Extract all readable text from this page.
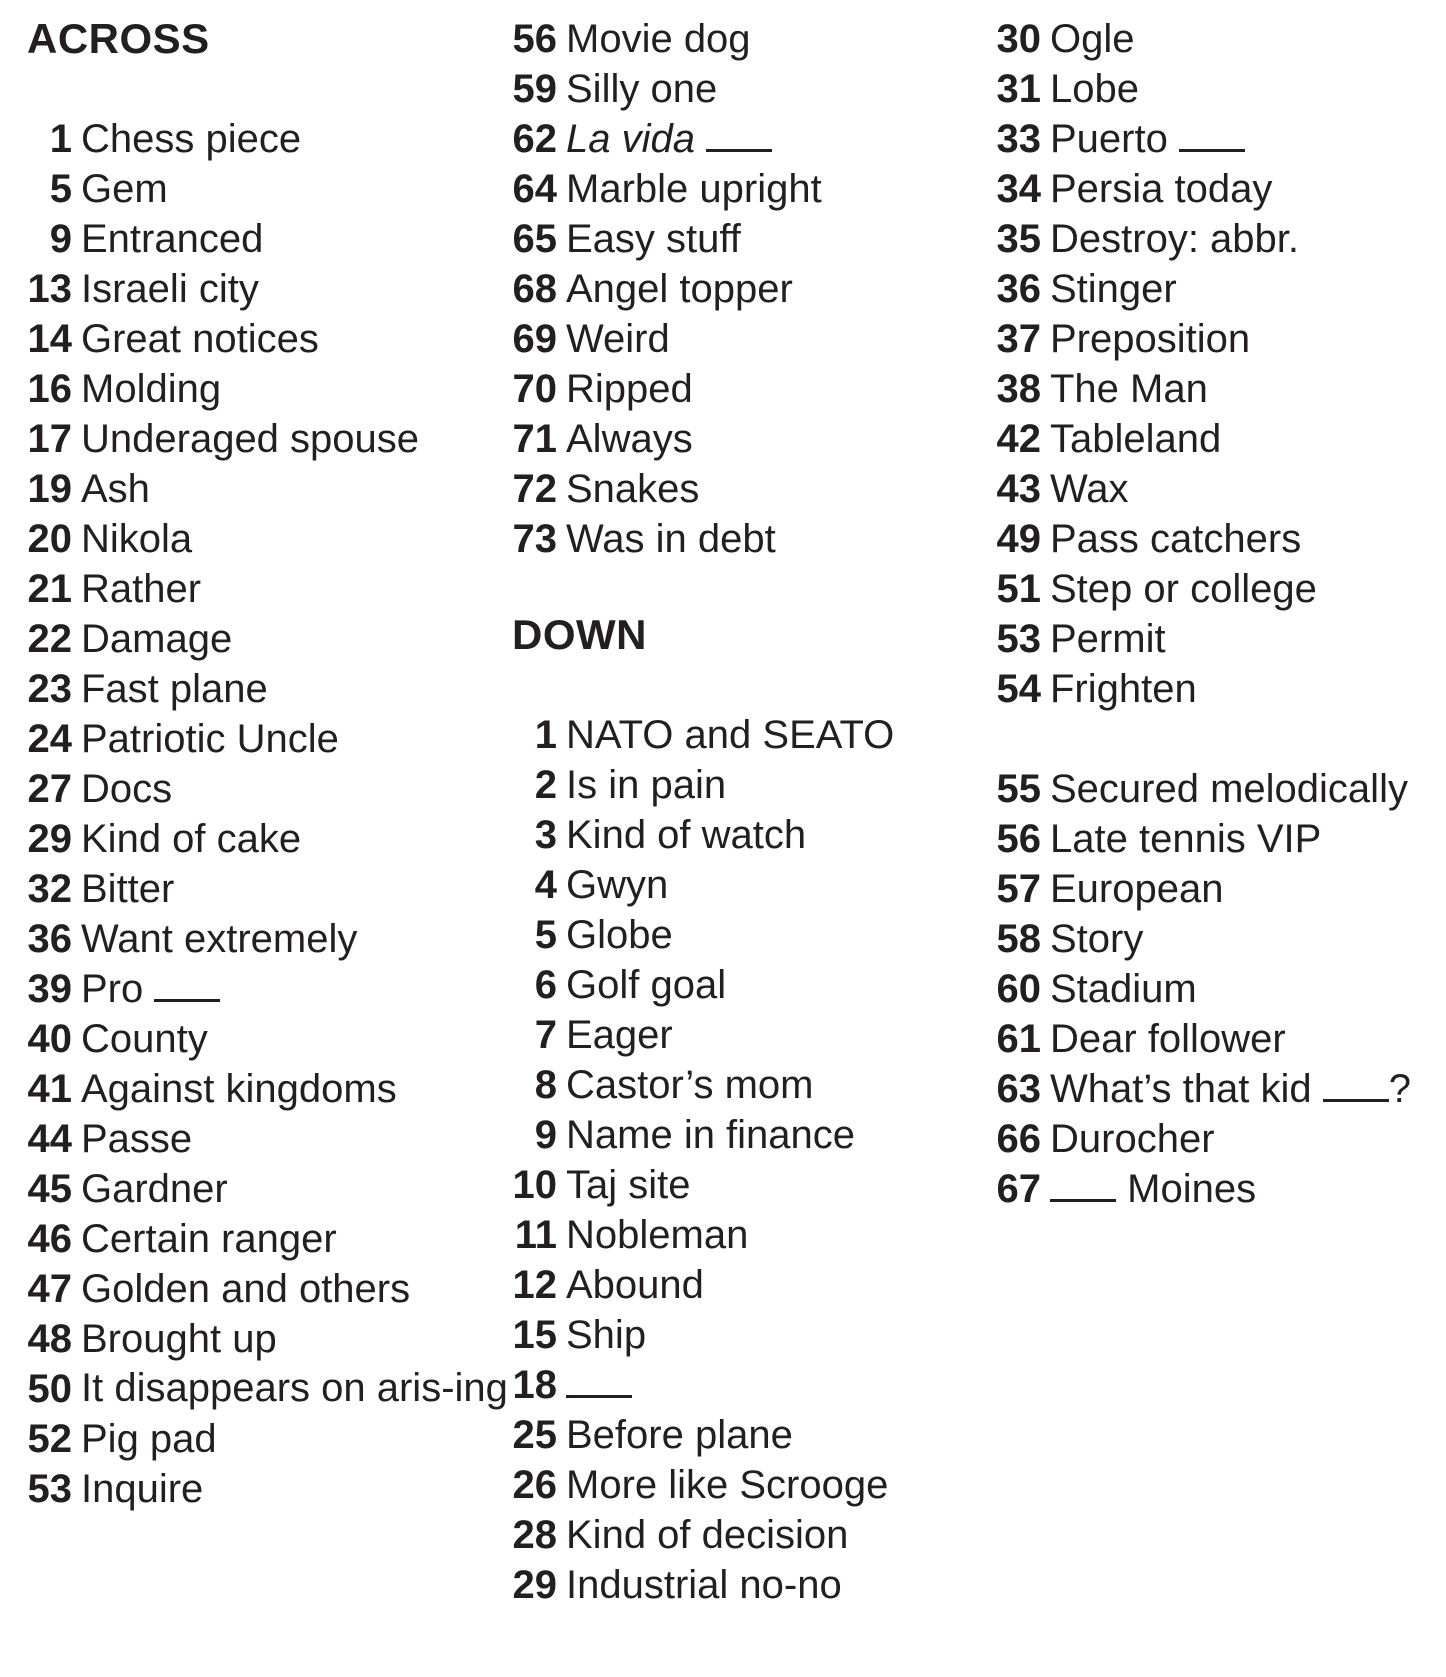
ACROSS
1 Chess piece
5 Gem
9 Entranced
13 Israeli city
14 Great notices
16 Molding
17 Underaged spouse
19 Ash
20 Nikola
21 Rather
22 Damage
23 Fast plane
24 Patriotic Uncle
27 Docs
29 Kind of cake
32 Bitter
36 Want extremely
39 Pro
40 County
41 Against kingdoms
44 Passe
45 Gardner
46 Certain ranger
47 Golden and others
48 Brought up
50 It disappears on aris-ing
52 Pig pad
53 Inquire
56 Movie dog
59 Silly one
62 La vida
64 Marble upright
65 Easy stuff
68 Angel topper
69 Weird
70 Ripped
71 Always
72 Snakes
73 Was in debt
DOWN
1 NATO and SEATO
2 Is in pain
3 Kind of watch
4 Gwyn
5 Globe
6 Golf goal
7 Eager
8 Castor’s mom
9 Name in finance
10 Taj site
11 Nobleman
12 Abound
15 Ship
18
25 Before plane
26 More like Scrooge
28 Kind of decision
29 Industrial no-no
30 Ogle
31 Lobe
33 Puerto
34 Persia today
35 Destroy: abbr.
36 Stinger
37 Preposition
38 The Man
42 Tableland
43 Wax
49 Pass catchers
51 Step or college
53 Permit
54 Frighten
55 Secured melodically
56 Late tennis VIP
57 European
58 Story
60 Stadium
61 Dear follower
63 What’s that kid ?
66 Durocher
67 Moines
